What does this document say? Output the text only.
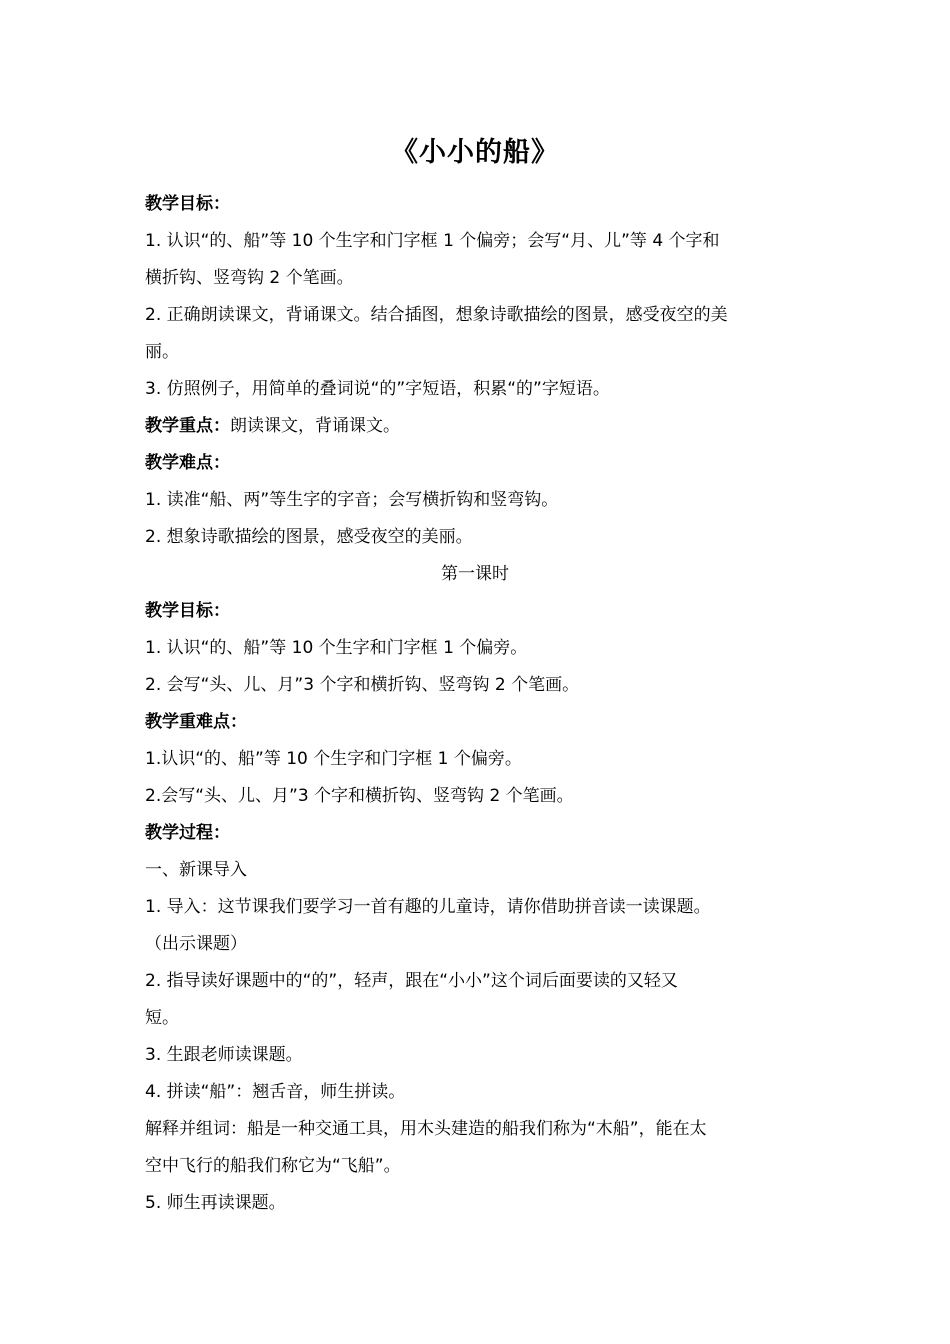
《小小的船》
教学目标：
1. 认识“的、船”等 10 个生字和门字框 1 个偏旁；会写“月、儿”等 4 个字和
横折钩、竖弯钩 2 个笔画。
2. 正确朗读课文，背诵课文。结合插图，想象诗歌描绘的图景，感受夜空的美
丽。
3. 仿照例子，用简单的叠词说“的”字短语，积累“的”字短语。
教学重点：朗读课文，背诵课文。
教学难点：
1. 读准“船、两”等生字的字音；会写横折钩和竖弯钩。
2. 想象诗歌描绘的图景，感受夜空的美丽。
第一课时
教学目标：
1. 认识“的、船”等 10 个生字和门字框 1 个偏旁。
2. 会写“头、儿、月”3 个字和横折钩、竖弯钩 2 个笔画。
教学重难点：
1.认识“的、船”等 10 个生字和门字框 1 个偏旁。
2.会写“头、儿、月”3 个字和横折钩、竖弯钩 2 个笔画。
教学过程：
一、新课导入
1. 导入：这节课我们要学习一首有趣的儿童诗，请你借助拼音读一读课题。
（出示课题）
2. 指导读好课题中的“的”，轻声，跟在“小小”这个词后面要读的又轻又
短。
3. 生跟老师读课题。
4. 拼读“船”：翘舌音，师生拼读。
解释并组词：船是一种交通工具，用木头建造的船我们称为“木船”，能在太
空中飞行的船我们称它为“飞船”。
5. 师生再读课题。
